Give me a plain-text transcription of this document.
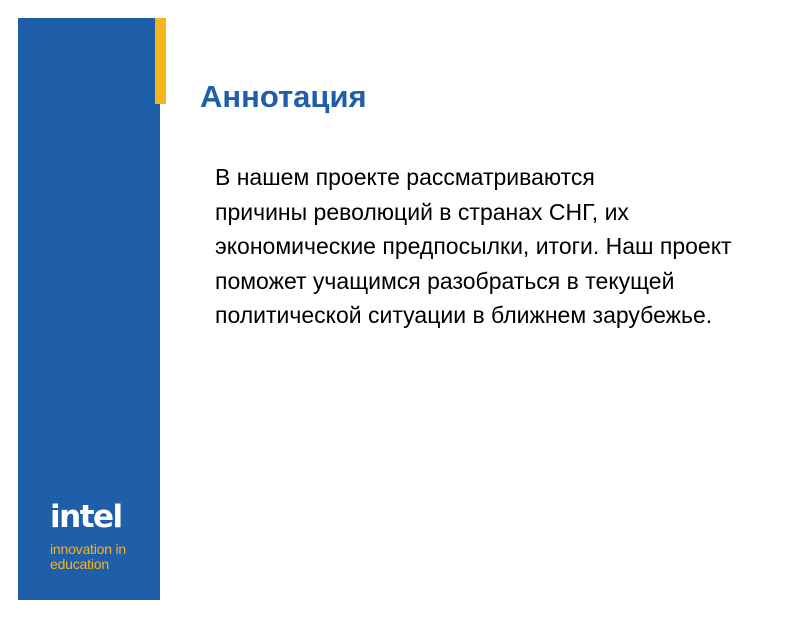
intel
innovation in
education
Аннотация

В нашем проекте рассматриваются
причины революций в странах СНГ, их экономические предпосылки, итоги. Наш проект поможет учащимся разобраться в текущей политической ситуации в ближнем зарубежье.
